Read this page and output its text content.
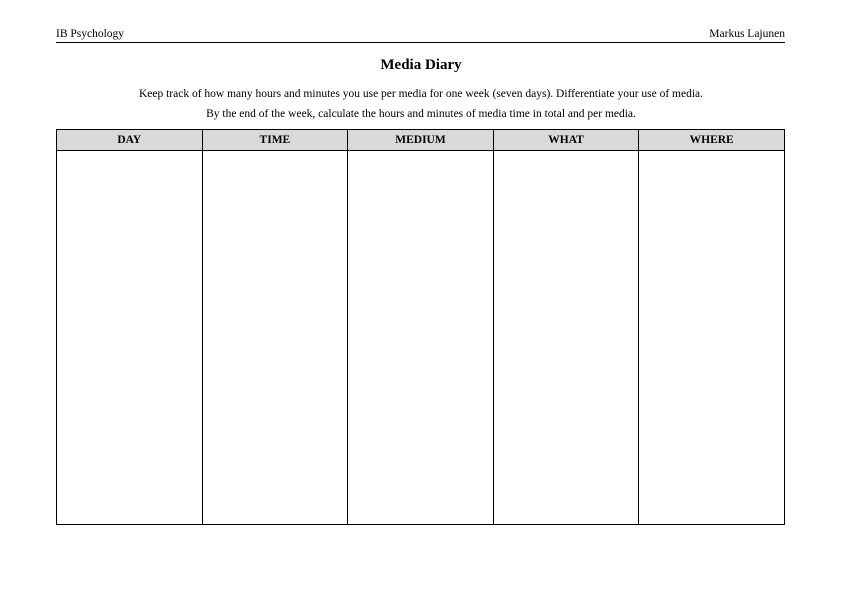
IB Psychology	Markus Lajunen
Media Diary
Keep track of how many hours and minutes you use per media for one week (seven days). Differentiate your use of media.
By the end of the week, calculate the hours and minutes of media time in total and per media.
DAY	TIME	MEDIUM	WHAT	WHERE
